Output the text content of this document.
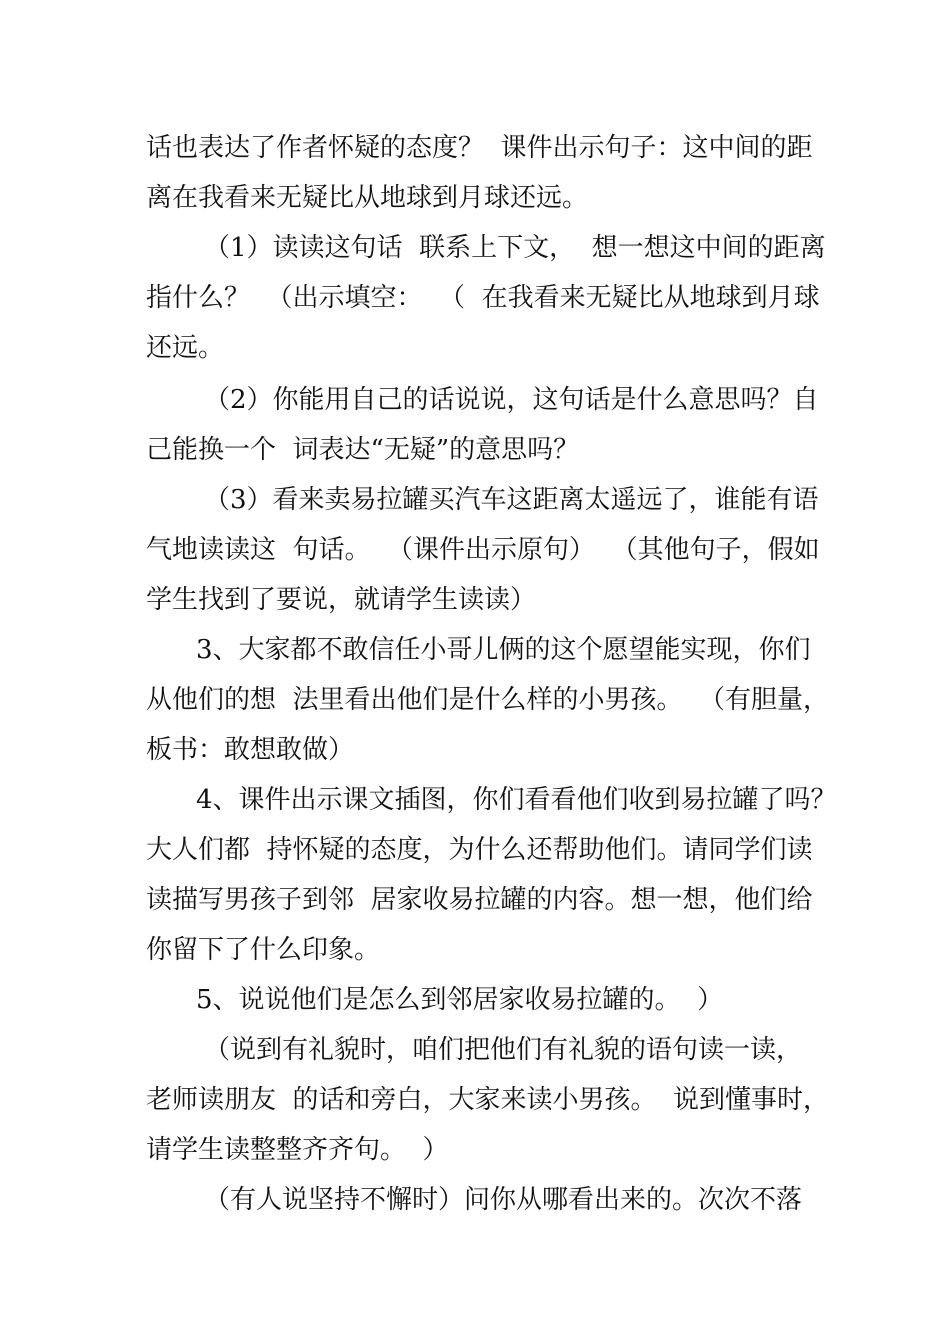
话也表达了作者怀疑的态度？  课件出示句子：这中间的距
离在我看来无疑比从地球到月球还远。
（1）读读这句话  联系上下文，  想一想这中间的距离
指什么？  （出示填空：  （  在我看来无疑比从地球到月球
还远。
（2）你能用自己的话说说，这句话是什么意思吗？自
己能换一个  词表达“无疑”的意思吗？
（3）看来卖易拉罐买汽车这距离太遥远了，谁能有语
气地读读这  句话。  （课件出示原句）  （其他句子，假如
学生找到了要说，就请学生读读）
3、大家都不敢信任小哥儿俩的这个愿望能实现，你们
从他们的想  法里看出他们是什么样的小男孩。  （有胆量，
板书：敢想敢做）
4、课件出示课文插图，你们看看他们收到易拉罐了吗？
大人们都  持怀疑的态度，为什么还帮助他们。请同学们读
读描写男孩子到邻  居家收易拉罐的内容。想一想，他们给
你留下了什么印象。
5、说说他们是怎么到邻居家收易拉罐的。  ）
（说到有礼貌时，咱们把他们有礼貌的语句读一读，
老师读朋友  的话和旁白，大家来读小男孩。  说到懂事时，
请学生读整整齐齐句。  ）
（有人说坚持不懈时）问你从哪看出来的。次次不落
